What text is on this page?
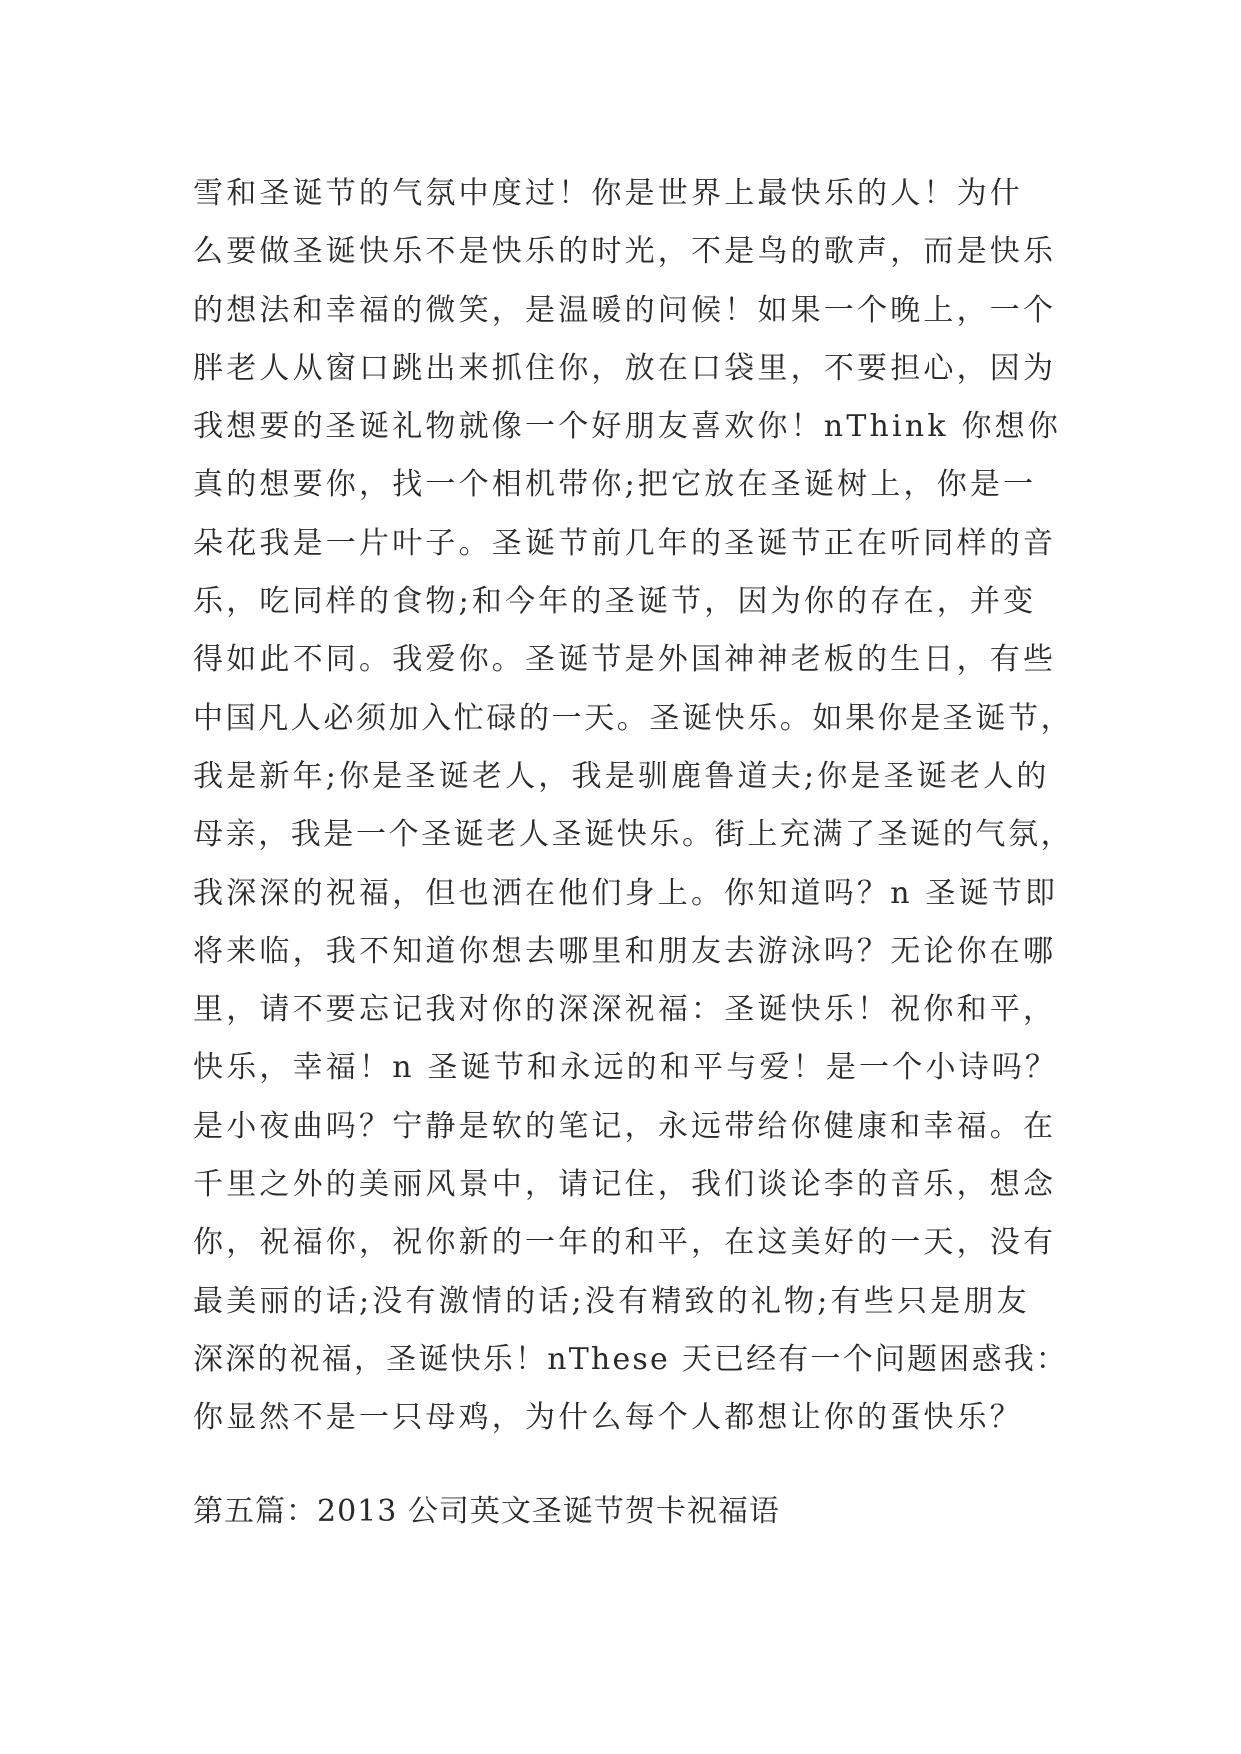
雪和圣诞节的气氛中度过！你是世界上最快乐的人！为什
么要做圣诞快乐不是快乐的时光，不是鸟的歌声，而是快乐
的想法和幸福的微笑，是温暖的问候！如果一个晚上，一个
胖老人从窗口跳出来抓住你，放在口袋里，不要担心，因为
我想要的圣诞礼物就像一个好朋友喜欢你！nThink 你想你
真的想要你，找一个相机带你;把它放在圣诞树上，你是一
朵花我是一片叶子。圣诞节前几年的圣诞节正在听同样的音
乐，吃同样的食物;和今年的圣诞节，因为你的存在，并变
得如此不同。我爱你。圣诞节是外国神神老板的生日，有些
中国凡人必须加入忙碌的一天。圣诞快乐。如果你是圣诞节，
我是新年;你是圣诞老人，我是驯鹿鲁道夫;你是圣诞老人的
母亲，我是一个圣诞老人圣诞快乐。街上充满了圣诞的气氛，
我深深的祝福，但也洒在他们身上。你知道吗？n 圣诞节即
将来临，我不知道你想去哪里和朋友去游泳吗？无论你在哪
里，请不要忘记我对你的深深祝福：圣诞快乐！祝你和平，
快乐，幸福！n 圣诞节和永远的和平与爱！是一个小诗吗？
是小夜曲吗？宁静是软的笔记，永远带给你健康和幸福。在
千里之外的美丽风景中，请记住，我们谈论李的音乐，想念
你，祝福你，祝你新的一年的和平，在这美好的一天，没有
最美丽的话;没有激情的话;没有精致的礼物;有些只是朋友
深深的祝福，圣诞快乐！nThese 天已经有一个问题困惑我：
你显然不是一只母鸡，为什么每个人都想让你的蛋快乐？
第五篇：2013 公司英文圣诞节贺卡祝福语
